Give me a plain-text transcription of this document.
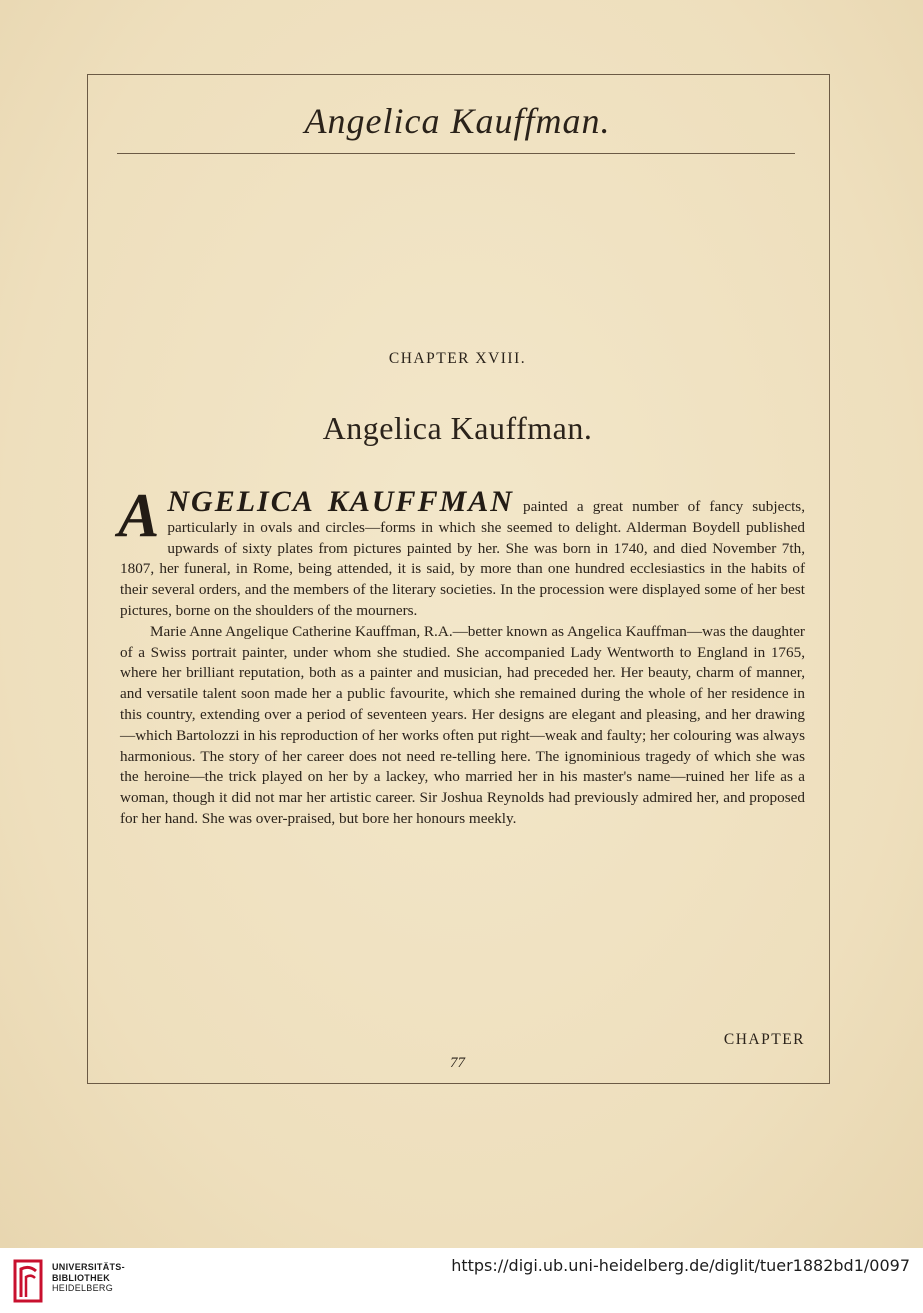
Angelica Kauffman.
CHAPTER XVIII.
Angelica Kauffman.

ANGELICA KAUFFMAN painted a great number of fancy subjects, particularly in ovals and circles—forms in which she seemed to delight. Alderman Boydell published upwards of sixty plates from pictures painted by her. She was born in 1740, and died November 7th, 1807, her funeral, in Rome, being attended, it is said, by more than one hundred ecclesiastics in the habits of their several orders, and the members of the literary societies. In the procession were displayed some of her best pictures, borne on the shoulders of the mourners.

Marie Anne Angelique Catherine Kauffman, R.A.—better known as Angelica Kauffman—was the daughter of a Swiss portrait painter, under whom she studied. She accompanied Lady Wentworth to England in 1765, where her brilliant reputation, both as a painter and musician, had preceded her. Her beauty, charm of manner, and versatile talent soon made her a public favourite, which she remained during the whole of her residence in this country, extending over a period of seventeen years. Her designs are elegant and pleasing, and her drawing—which Bartolozzi in his reproduction of her works often put right—weak and faulty; her colouring was always harmonious. The story of her career does not need re-telling here. The ignominious tragedy of which she was the heroine—the trick played on her by a lackey, who married her in his master's name—ruined her life as a woman, though it did not mar her artistic career. Sir Joshua Reynolds had previously admired her, and proposed for her hand. She was over-praised, but bore her honours meekly.

CHAPTER
77
UNIVERSITÄTS-
BIBLIOTHEK
HEIDELBERG
https://digi.ub.uni-heidelberg.de/diglit/tuer1882bd1/0097
